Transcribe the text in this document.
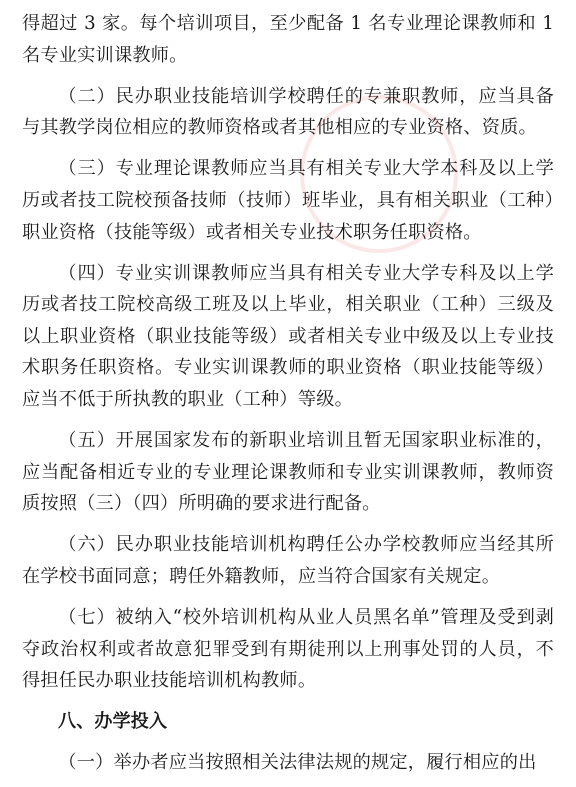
得超过 3 家。每个培训项目，至少配备 1 名专业理论课教师和 1 名专业实训课教师。

（二）民办职业技能培训学校聘任的专兼职教师，应当具备与其教学岗位相应的教师资格或者其他相应的专业资格、资质。

（三）专业理论课教师应当具有相关专业大学本科及以上学历或者技工院校预备技师（技师）班毕业，具有相关职业（工种）职业资格（技能等级）或者相关专业技术职务任职资格。

（四）专业实训课教师应当具有相关专业大学专科及以上学历或者技工院校高级工班及以上毕业，相关职业（工种）三级及以上职业资格（职业技能等级）或者相关专业中级及以上专业技术职务任职资格。专业实训课教师的职业资格（职业技能等级）应当不低于所执教的职业（工种）等级。

（五）开展国家发布的新职业培训且暂无国家职业标准的，应当配备相近专业的专业理论课教师和专业实训课教师，教师资质按照（三）（四）所明确的要求进行配备。

（六）民办职业技能培训机构聘任公办学校教师应当经其所在学校书面同意；聘任外籍教师，应当符合国家有关规定。

（七）被纳入“校外培训机构从业人员黑名单”管理及受到剥夺政治权利或者故意犯罪受到有期徒刑以上刑事处罚的人员，不得担任民办职业技能培训机构教师。

八、办学投入

（一）举办者应当按照相关法律法规的规定，履行相应的出
